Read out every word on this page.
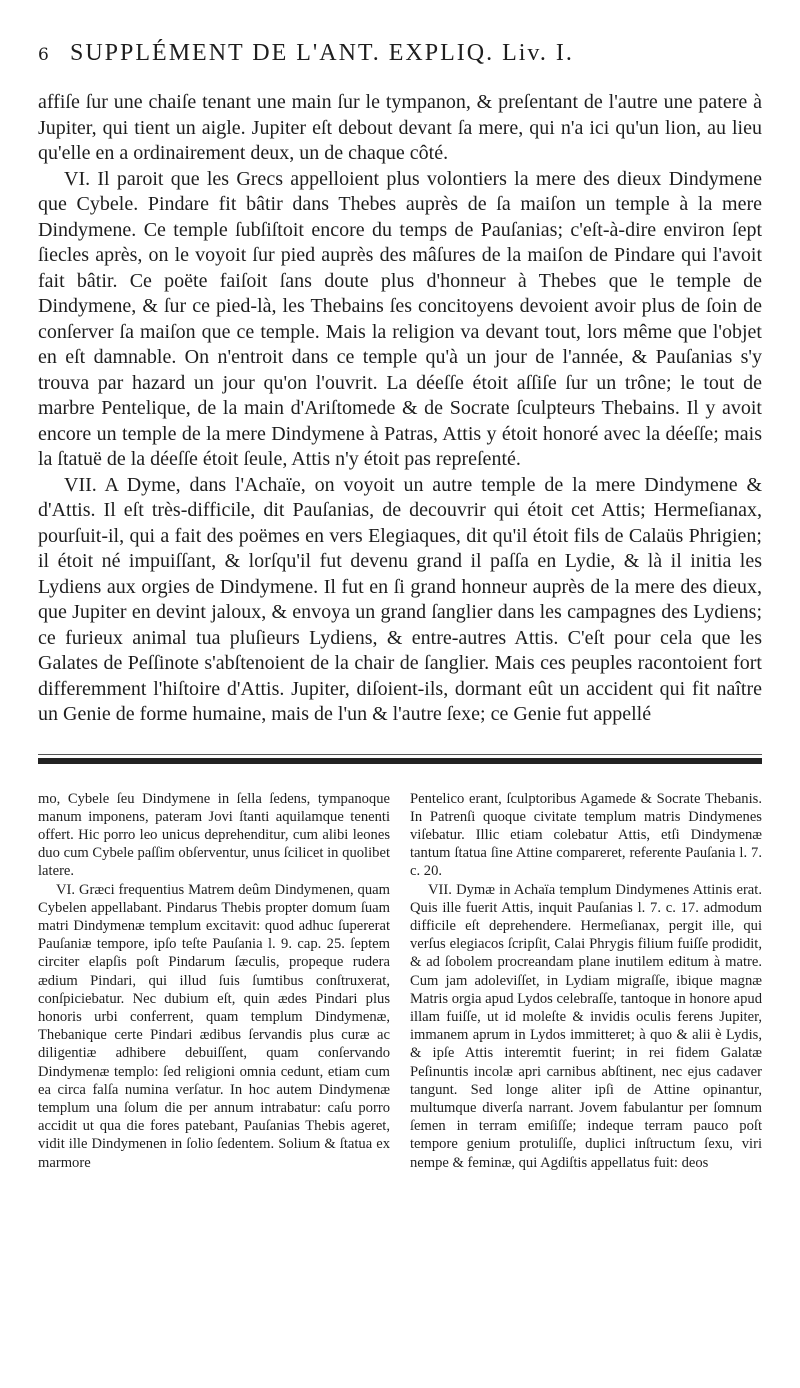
6 SUPPLÉMENT DE L'ANT. EXPLIQ. Liv. I.

affiſe ſur une chaiſe tenant une main ſur le tympanon, & preſentant de l'autre une patere à Jupiter, qui tient un aigle. Jupiter eſt debout devant ſa mere, qui n'a ici qu'un lion, au lieu qu'elle en a ordinairement deux, un de chaque côté.

VI. Il paroit que les Grecs appelloient plus volontiers la mere des dieux Dindymene que Cybele. Pindare fit bâtir dans Thebes auprès de ſa maiſon un temple à la mere Dindymene. Ce temple ſubſiſtoit encore du temps de Pauſanias; c'eſt-à-dire environ ſept ſiecles après, on le voyoit ſur pied auprès des mâſures de la maiſon de Pindare qui l'avoit fait bâtir. Ce poëte faiſoit ſans doute plus d'honneur à Thebes que le temple de Dindymene, & ſur ce pied-là, les Thebains ſes concitoyens devoient avoir plus de ſoin de conſerver ſa maiſon que ce temple. Mais la religion va devant tout, lors même que l'objet en eſt damnable. On n'entroit dans ce temple qu'à un jour de l'année, & Pauſanias s'y trouva par hazard un jour qu'on l'ouvrit. La déeſſe étoit aſſiſe ſur un trône; le tout de marbre Pentelique, de la main d'Ariſtomede & de Socrate ſculpteurs Thebains. Il y avoit encore un temple de la mere Dindymene à Patras, Attis y étoit honoré avec la déeſſe; mais la ſtatuë de la déeſſe étoit ſeule, Attis n'y étoit pas repreſenté.

VII. A Dyme, dans l'Achaïe, on voyoit un autre temple de la mere Dindymene & d'Attis. Il eſt très-difficile, dit Pauſanias, de decouvrir qui étoit cet Attis; Hermeſianax, pourſuit-il, qui a fait des poëmes en vers Elegiaques, dit qu'il étoit fils de Calaüs Phrigien; il étoit né impuiſſant, & lorſqu'il fut devenu grand il paſſa en Lydie, & là il initia les Lydiens aux orgies de Dindymene. Il fut en ſi grand honneur auprès de la mere des dieux, que Jupiter en devint jaloux, & envoya un grand ſanglier dans les campagnes des Lydiens; ce furieux animal tua pluſieurs Lydiens, & entre-autres Attis. C'eſt pour cela que les Galates de Peſſinote s'abſtenoient de la chair de ſanglier. Mais ces peuples racontoient fort differemment l'hiſtoire d'Attis. Jupiter, diſoient-ils, dormant eût un accident qui fit naître un Genie de forme humaine, mais de l'un & l'autre ſexe; ce Genie fut appellé

mo, Cybele ſeu Dindymene in ſella ſedens, tympanoque manum imponens, pateram Jovi ſtanti aquilamque tenenti offert. Hic porro leo unicus deprehenditur, cum alibi leones duo cum Cybele paſſim obſerventur, unus ſcilicet in quolibet latere.

VI. Græci frequentius Matrem deûm Dindymenen, quam Cybelen appellabant. Pindarus Thebis propter domum ſuam matri Dindymenæ templum excitavit: quod adhuc ſupererat Pauſaniæ tempore, ipſo teſte Pauſania l. 9. cap. 25. ſeptem circiter elapſis poſt Pindarum ſæculis, propeque rudera ædium Pindari, qui illud ſuis ſumtibus conſtruxerat, conſpiciebatur. Nec dubium eſt, quin ædes Pindari plus honoris urbi conferrent, quam templum Dindymenæ, Thebanique certe Pindari ædibus ſervandis plus curæ ac diligentiæ adhibere debuiſſent, quam conſervando Dindymenæ templo: ſed religioni omnia cedunt, etiam cum ea circa falſa numina verſatur. In hoc autem Dindymenæ templum una ſolum die per annum intrabatur: caſu porro accidit ut qua die fores patebant, Pauſanias Thebis ageret, vidit ille Dindymenen in ſolio ſedentem. Solium & ſtatua ex marmore

Pentelico erant, ſculptoribus Agamede & Socrate Thebanis. In Patrenſi quoque civitate templum matris Dindymenes viſebatur. Illic etiam colebatur Attis, etſi Dindymenæ tantum ſtatua ſine Attine compareret, referente Pauſania l. 7. c. 20.

VII. Dymæ in Achaïa templum Dindymenes Attinis erat. Quis ille fuerit Attis, inquit Pauſanias l. 7. c. 17. admodum difficile eſt deprehendere. Hermeſianax, pergit ille, qui verſus elegiacos ſcripſit, Calai Phrygis filium fuiſſe prodidit, & ad ſobolem procreandam plane inutilem editum à matre. Cum jam adoleviſſet, in Lydiam migraſſe, ibique magnæ Matris orgia apud Lydos celebraſſe, tantoque in honore apud illam fuiſſe, ut id moleſte & invidis oculis ferens Jupiter, immanem aprum in Lydos immitteret; à quo & alii è Lydis, & ipſe Attis interemtit fuerint; in rei fidem Galatæ Peſinuntis incolæ apri carnibus abſtinent, nec ejus cadaver tangunt. Sed longe aliter ipſi de Attine opinantur, multumque diverſa narrant. Jovem fabulantur per ſomnum ſemen in terram emiſiſſe; indeque terram pauco poſt tempore genium protuliſſe, duplici inſtructum ſexu, viri nempe & feminæ, qui Agdiſtis appellatus fuit: deos
